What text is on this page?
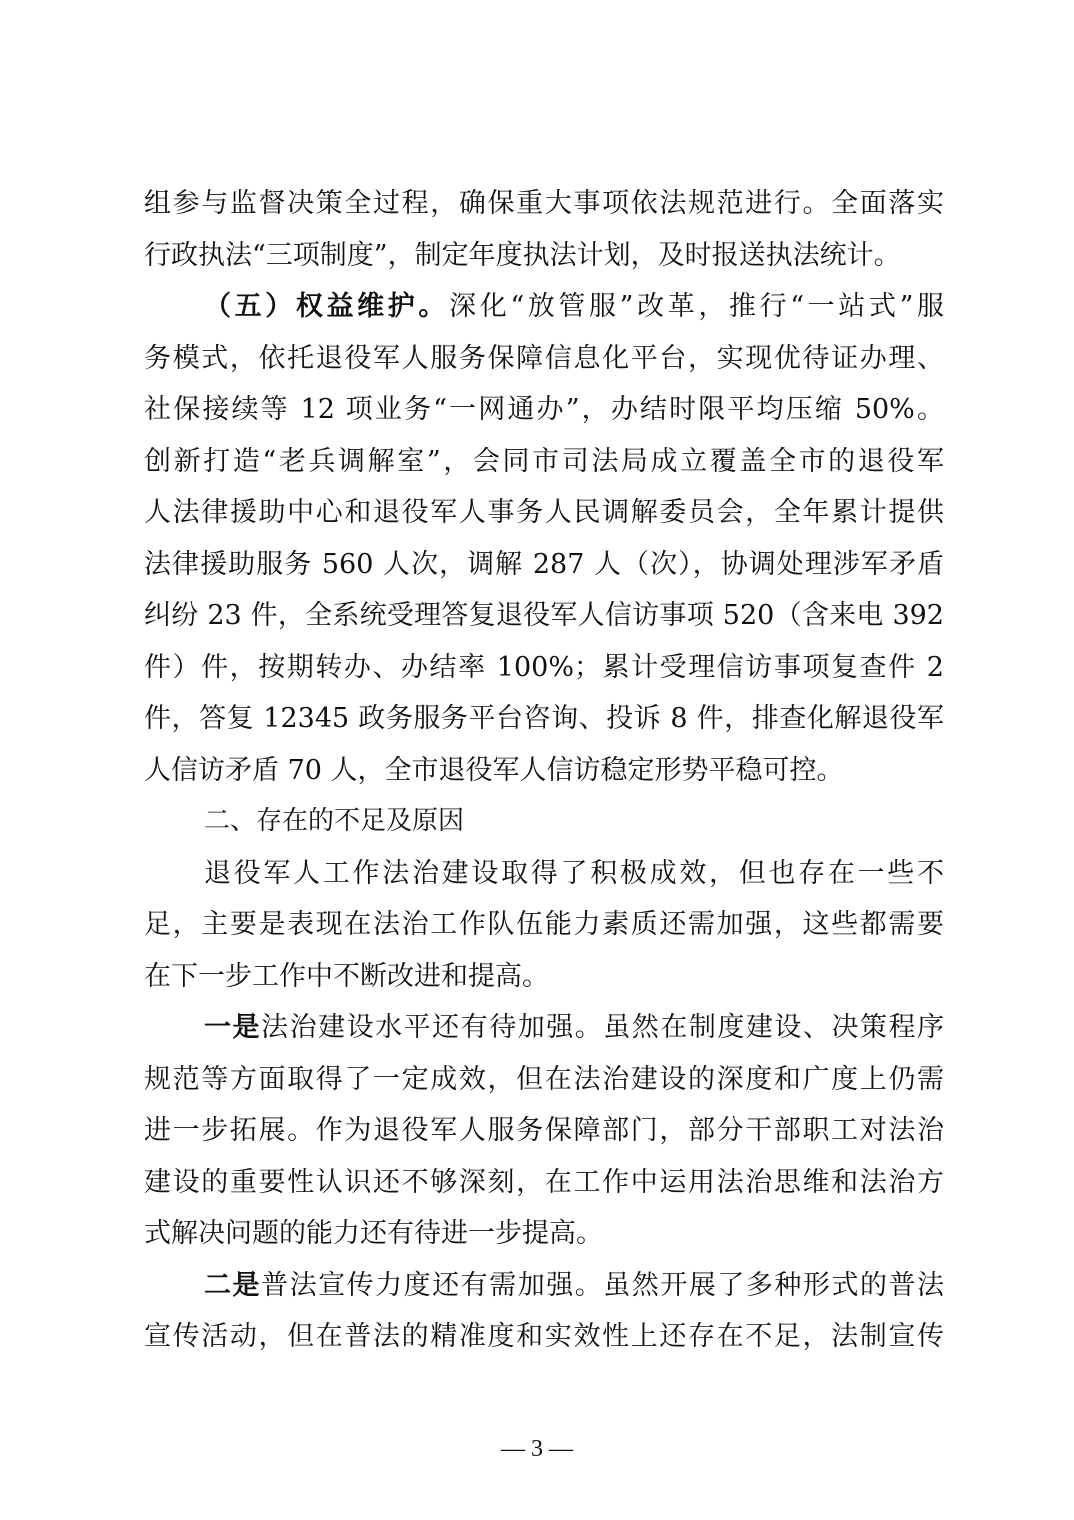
组参与监督决策全过程，确保重大事项依法规范进行。全面落实
行政执法“三项制度”，制定年度执法计划，及时报送执法统计。
（五）权益维护。深化“放管服”改革，推行“一站式”服
务模式，依托退役军人服务保障信息化平台，实现优待证办理、
社保接续等 12 项业务“一网通办”，办结时限平均压缩 50%。
创新打造“老兵调解室”，会同市司法局成立覆盖全市的退役军
人法律援助中心和退役军人事务人民调解委员会，全年累计提供
法律援助服务 560 人次，调解 287 人（次），协调处理涉军矛盾
纠纷 23 件，全系统受理答复退役军人信访事项 520（含来电 392
件）件，按期转办、办结率 100%；累计受理信访事项复查件 2
件，答复 12345 政务服务平台咨询、投诉 8 件，排查化解退役军
人信访矛盾 70 人，全市退役军人信访稳定形势平稳可控。
二、存在的不足及原因
退役军人工作法治建设取得了积极成效，但也存在一些不
足，主要是表现在法治工作队伍能力素质还需加强，这些都需要
在下一步工作中不断改进和提高。
一是法治建设水平还有待加强。虽然在制度建设、决策程序
规范等方面取得了一定成效，但在法治建设的深度和广度上仍需
进一步拓展。作为退役军人服务保障部门，部分干部职工对法治
建设的重要性认识还不够深刻，在工作中运用法治思维和法治方
式解决问题的能力还有待进一步提高。
二是普法宣传力度还有需加强。虽然开展了多种形式的普法
宣传活动，但在普法的精准度和实效性上还存在不足，法制宣传
— 3 —
